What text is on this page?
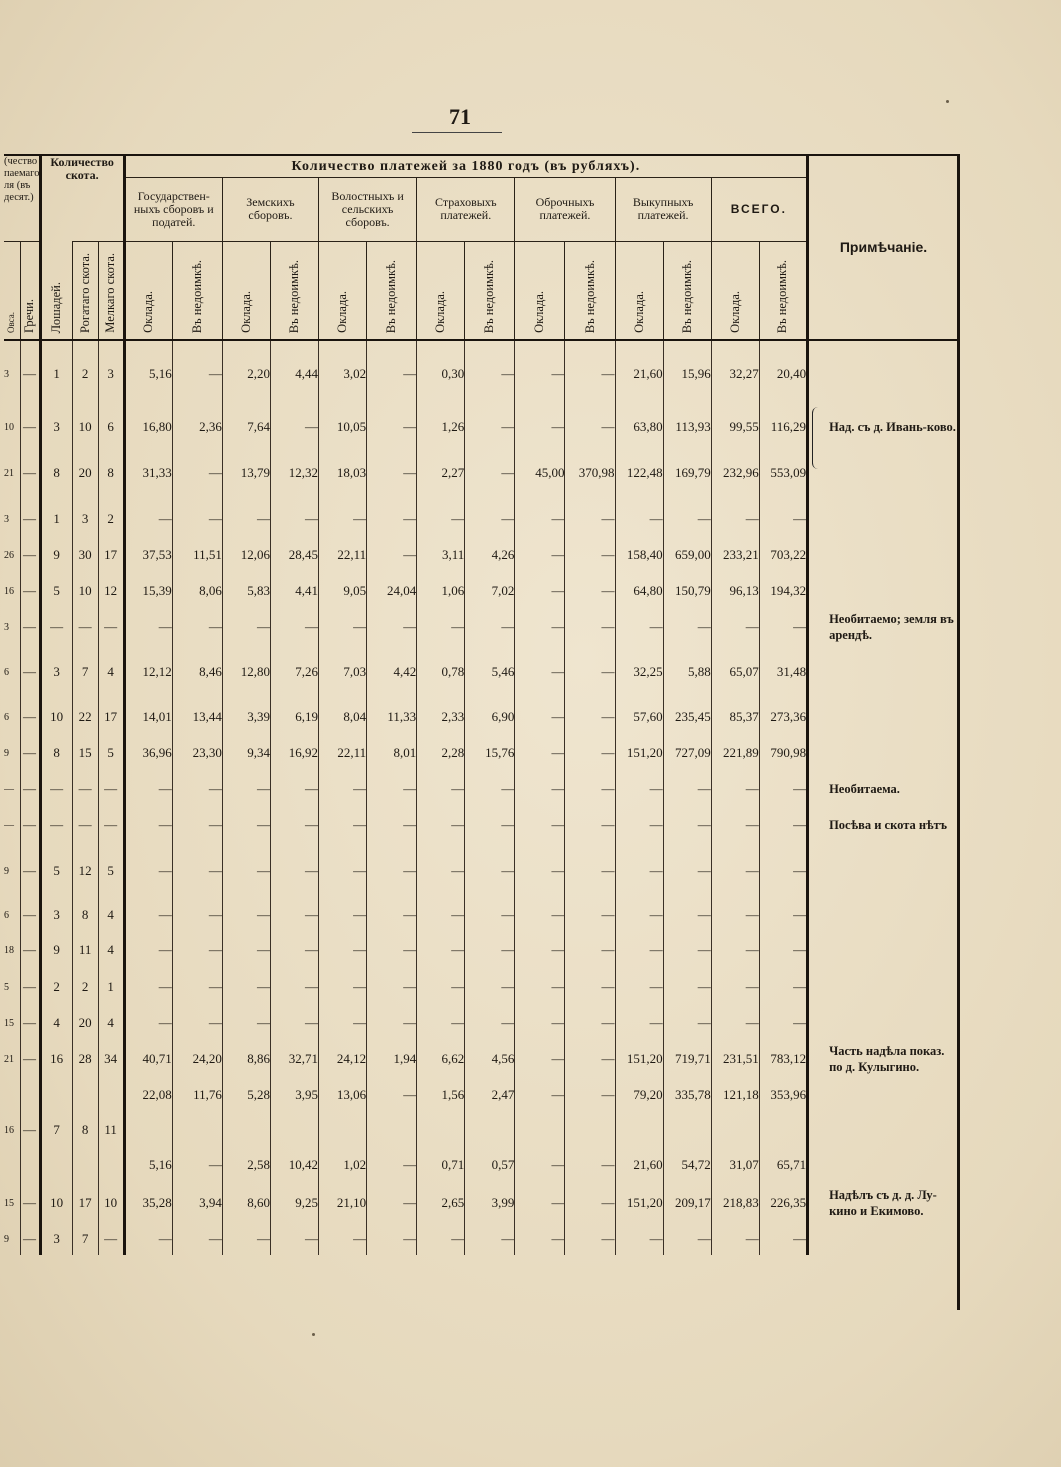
71
(чество
паемаго
ля (въ
десят.)		Количество скота.			Количество платежей за 1880 годъ (въ рубляхъ).														Примѣчаніе.
					Государствен-ныхъ сборовъ и податей.		Земскихъ сборовъ.		Волостныхъ и сельскихъ сборовъ.		Страховыхъ платежей.		Оброчныхъ платежей.		Выкупныхъ платежей.		ВСЕГО.		
Овса.	Гречи.	Лошадей.	Рогатаго скота.	Мелкаго скота.	Оклада.	Въ недоимкѣ.	Оклада.	Въ недоимкѣ.	Оклада.	Въ недоимкѣ.	Оклада.	Въ недоимкѣ.	Оклада.	Въ недоимкѣ.	Оклада.	Въ недоимкѣ.	Оклада.	Въ недоимкѣ.	
3	—	1	2	3	5,16	—	2,20	4,44	3,02	—	0,30	—	—	—	21,60	15,96	32,27	20,40	
10	—	3	10	6	16,80	2,36	7,64	—	10,05	—	1,26	—	—	—	63,80	113,93	99,55	116,29	Над. съ д. Ивань-ково.
21	—	8	20	8	31,33	—	13,79	12,32	18,03	—	2,27	—	45,00	370,98	122,48	169,79	232,96	553,09	
3	—	1	3	2	—	—	—	—	—	—	—	—	—	—	—	—	—	—	
26	—	9	30	17	37,53	11,51	12,06	28,45	22,11	—	3,11	4,26	—	—	158,40	659,00	233,21	703,22	
16	—	5	10	12	15,39	8,06	5,83	4,41	9,05	24,04	1,06	7,02	—	—	64,80	150,79	96,13	194,32	
3	—	—	—	—	—	—	—	—	—	—	—	—	—	—	—	—	—	—	Необитаемо; земля въ арендѣ.
6	—	3	7	4	12,12	8,46	12,80	7,26	7,03	4,42	0,78	5,46	—	—	32,25	5,88	65,07	31,48	
6	—	10	22	17	14,01	13,44	3,39	6,19	8,04	11,33	2,33	6,90	—	—	57,60	235,45	85,37	273,36	
9	—	8	15	5	36,96	23,30	9,34	16,92	22,11	8,01	2,28	15,76	—	—	151,20	727,09	221,89	790,98	
—	—	—	—	—	—	—	—	—	—	—	—	—	—	—	—	—	—	—	Необитаема.
—	—	—	—	—	—	—	—	—	—	—	—	—	—	—	—	—	—	—	Посѣва и скота нѣтъ
9	—	5	12	5	—	—	—	—	—	—	—	—	—	—	—	—	—	—	
6	—	3	8	4	—	—	—	—	—	—	—	—	—	—	—	—	—	—	
18	—	9	11	4	—	—	—	—	—	—	—	—	—	—	—	—	—	—	
5	—	2	2	1	—	—	—	—	—	—	—	—	—	—	—	—	—	—	
15	—	4	20	4	—	—	—	—	—	—	—	—	—	—	—	—	—	—	
21	—	16	28	34	40,71	24,20	8,86	32,71	24,12	1,94	6,62	4,56	—	—	151,20	719,71	231,51	783,12	Часть надѣла показ. по д. Кулыгино.
					22,08	11,76	5,28	3,95	13,06	—	1,56	2,47	—	—	79,20	335,78	121,18	353,96	
16	—	7	8	11															
					5,16	—	2,58	10,42	1,02	—	0,71	0,57	—	—	21,60	54,72	31,07	65,71	
15	—	10	17	10	35,28	3,94	8,60	9,25	21,10	—	2,65	3,99	—	—	151,20	209,17	218,83	226,35	Надѣлъ съ д. д. Лу-кино и Екимово.
9	—	3	7	—	—	—	—	—	—	—	—	—	—	—	—	—	—	—	
